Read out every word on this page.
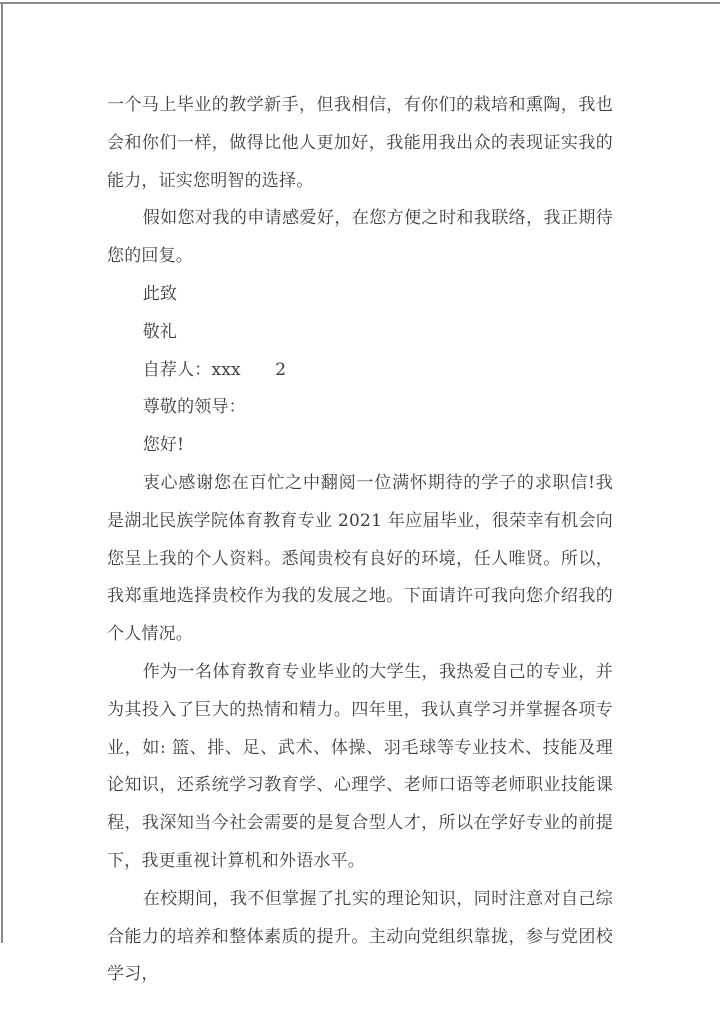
一个马上毕业的教学新手，但我相信，有你们的栽培和熏陶，我也会和你们一样，做得比他人更加好，我能用我出众的表现证实我的能力，证实您明智的选择。

假如您对我的申请感爱好，在您方便之时和我联络，我正期待您的回复。

此致

敬礼

自荐人：xxx　　2

尊敬的领导：

您好!

衷心感谢您在百忙之中翻阅一位满怀期待的学子的求职信!我是湖北民族学院体育教育专业 2021 年应届毕业，很荣幸有机会向您呈上我的个人资料。悉闻贵校有良好的环境，任人唯贤。所以，我郑重地选择贵校作为我的发展之地。下面请许可我向您介绍我的个人情况。

作为一名体育教育专业毕业的大学生，我热爱自己的专业，并为其投入了巨大的热情和精力。四年里，我认真学习并掌握各项专业，如: 篮、排、足、武术、体操、羽毛球等专业技术、技能及理论知识，还系统学习教育学、心理学、老师口语等老师职业技能课程，我深知当今社会需要的是复合型人才，所以在学好专业的前提下，我更重视计算机和外语水平。

在校期间，我不但掌握了扎实的理论知识，同时注意对自己综合能力的培养和整体素质的提升。主动向党组织靠拢，参与党团校学习，
